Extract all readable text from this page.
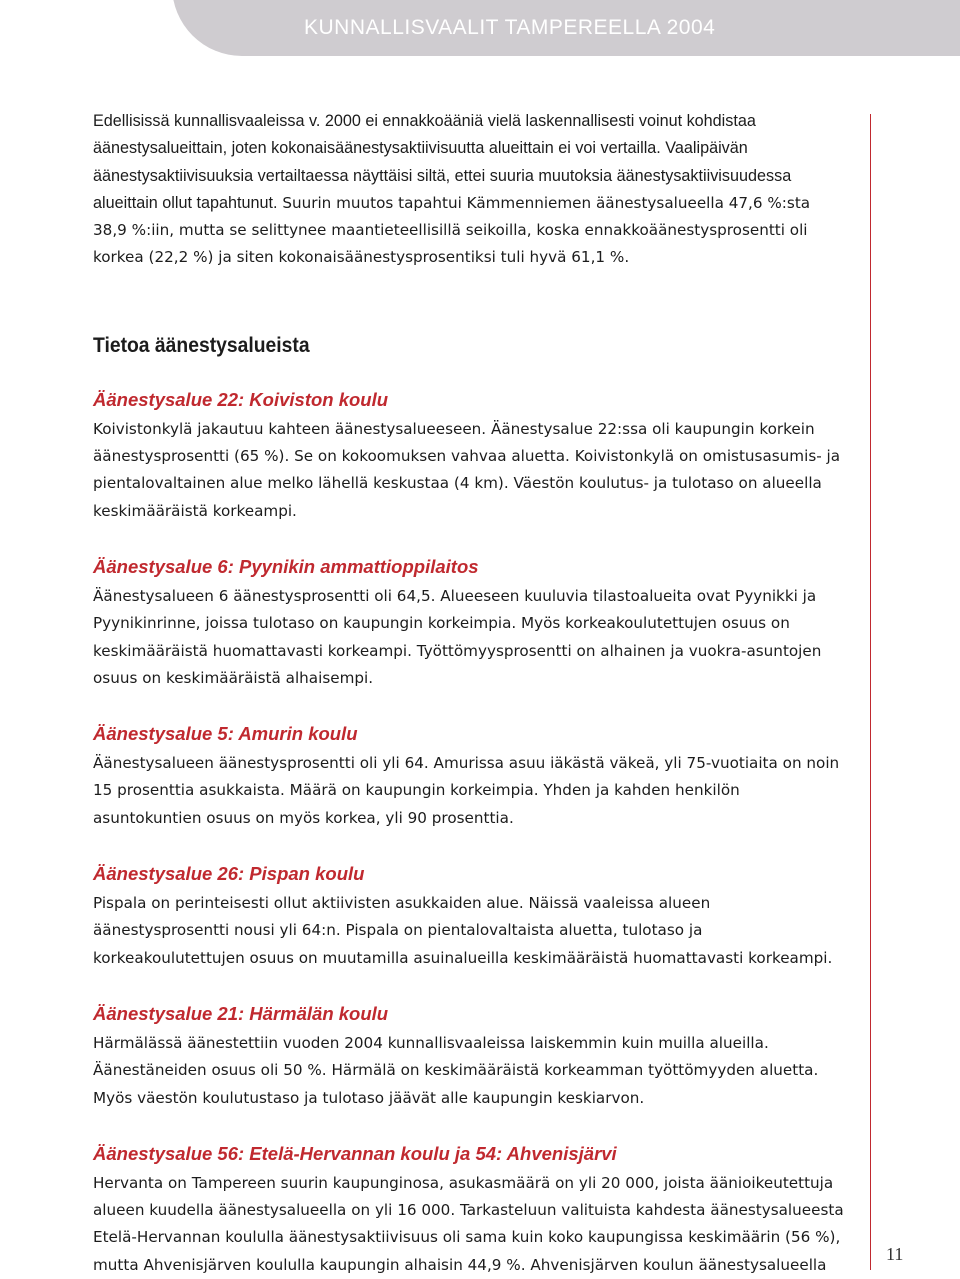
KUNNALLISVAALIT TAMPEREELLA 2004

Edellisissä kunnallisvaaleissa v. 2000 ei ennakkoääniä vielä laskennallisesti voinut kohdistaa äänestysalueittain, joten kokonaisäänestysaktiivisuutta alueittain ei voi vertailla. Vaalipäivän äänestysaktiivisuuksia vertailtaessa näyttäisi siltä, ettei suuria muutoksia äänestysaktiivisuudessa alueittain ollut tapahtunut. Suurin muutos tapahtui Kämmenniemen äänestysalueella 47,6 %:sta 38,9 %:iin, mutta se selittynee maantieteellisillä seikoilla, koska ennakkoäänestysprosentti oli korkea (22,2 %) ja siten kokonaisäänestysprosentiksi tuli hyvä 61,1 %.

Tietoa äänestysalueista
Äänestysalue 22: Koiviston koulu

Koivistonkylä jakautuu kahteen äänestysalueeseen. Äänestysalue 22:ssa oli kaupungin korkein äänestysprosentti (65 %). Se on kokoomuksen vahvaa aluetta. Koivistonkylä on omistusasumis- ja pientalovaltainen alue melko lähellä keskustaa (4 km). Väestön koulutus- ja tulotaso on alueella keskimääräistä korkeampi.

Äänestysalue 6: Pyynikin ammattioppilaitos

Äänestysalueen 6 äänestysprosentti oli 64,5. Alueeseen kuuluvia tilastoalueita ovat Pyynikki ja Pyynikinrinne, joissa tulotaso on kaupungin korkeimpia. Myös korkeakoulutettujen osuus on keskimääräistä huomattavasti korkeampi. Työttömyysprosentti on alhainen ja vuokra-asuntojen osuus on keskimääräistä alhaisempi.

Äänestysalue 5: Amurin koulu

Äänestysalueen äänestysprosentti oli yli 64. Amurissa asuu iäkästä väkeä, yli 75-vuotiaita on noin 15 prosenttia asukkaista. Määrä on kaupungin korkeimpia. Yhden ja kahden henkilön asuntokuntien osuus on myös korkea, yli 90 prosenttia.

Äänestysalue 26: Pispan koulu

Pispala on perinteisesti ollut aktiivisten asukkaiden alue. Näissä vaaleissa alueen äänestysprosentti nousi yli 64:n. Pispala on pientalovaltaista aluetta, tulotaso ja korkeakoulutettujen osuus on muutamilla asuinalueilla keskimääräistä huomattavasti korkeampi.

Äänestysalue 21: Härmälän koulu

Härmälässä äänestettiin vuoden 2004 kunnallisvaaleissa laiskemmin kuin muilla alueilla. Äänestäneiden osuus oli 50 %. Härmälä on keskimääräistä korkeamman työttömyyden aluetta. Myös väestön koulutustaso ja tulotaso jäävät alle kaupungin keskiarvon.

Äänestysalue 56: Etelä-Hervannan koulu ja 54: Ahvenisjärvi

Hervanta on Tampereen suurin kaupunginosa, asukasmäärä on yli 20 000, joista äänioikeutettuja alueen kuudella äänestysalueella on yli 16 000. Tarkasteluun valituista kahdesta äänestysalueesta Etelä-Hervannan koululla äänestysaktiivisuus oli sama kuin koko kaupungissa keskimäärin (56 %), mutta Ahvenisjärven koululla kaupungin alhaisin 44,9 %. Ahvenisjärven koulun äänestysalueella

11
